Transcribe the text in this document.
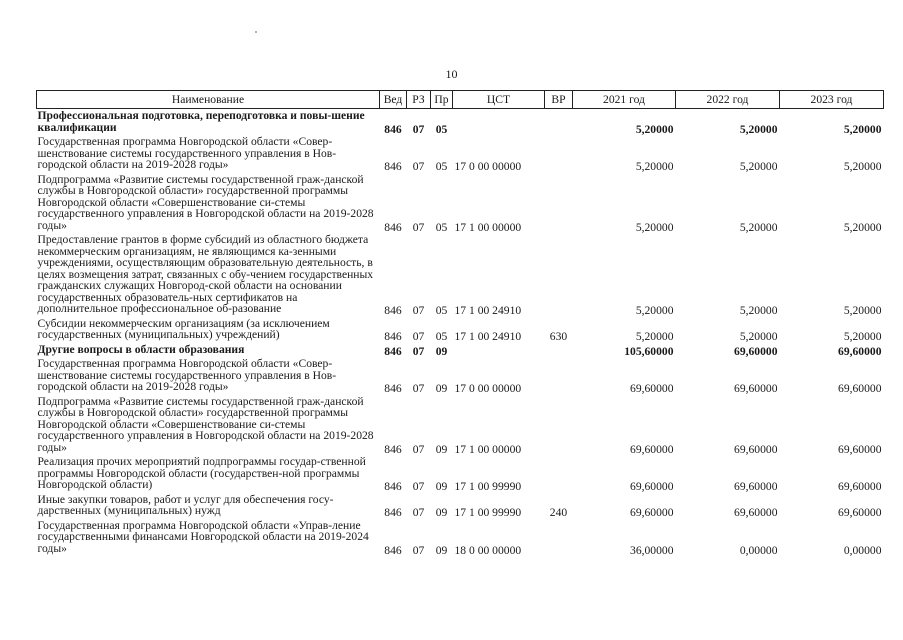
10
Наименование	Вед	РЗ	Пр	ЦСТ	ВР	2021 год	2022 год	2023 год
Профессиональная подготовка, переподготовка и повы-шение квалификации	846	07	05			5,20000	5,20000	5,20000
Государственная программа Новгородской области «Совер-шенствование системы государственного управления в Нов-городской области на 2019-2028 годы»	846	07	05	17 0 00 00000		5,20000	5,20000	5,20000
Подпрограмма «Развитие системы государственной граж-данской службы в Новгородской области» государственной программы Новгородской области «Совершенствование си-стемы государственного управления в Новгородской области на 2019-2028 годы»	846	07	05	17 1 00 00000		5,20000	5,20000	5,20000
Предоставление грантов в форме субсидий из областного бюджета некоммерческим организациям, не являющимся ка-зенными учреждениями, осуществляющим образовательную деятельность, в целях возмещения затрат, связанных с обу-чением государственных гражданских служащих Новгород-ской области на основании государственных образователь-ных сертификатов на дополнительное профессиональное об-разование	846	07	05	17 1 00 24910		5,20000	5,20000	5,20000
Субсидии некоммерческим организациям (за исключением государственных (муниципальных) учреждений)	846	07	05	17 1 00 24910	630	5,20000	5,20000	5,20000
Другие вопросы в области образования	846	07	09			105,60000	69,60000	69,60000
Государственная программа Новгородской области «Совер-шенствование системы государственного управления в Нов-городской области на 2019-2028 годы»	846	07	09	17 0 00 00000		69,60000	69,60000	69,60000
Подпрограмма «Развитие системы государственной граж-данской службы в Новгородской области» государственной программы Новгородской области «Совершенствование си-стемы государственного управления в Новгородской области на 2019-2028 годы»	846	07	09	17 1 00 00000		69,60000	69,60000	69,60000
Реализация прочих мероприятий подпрограммы государ-ственной программы Новгородской области (государствен-ной программы Новгородской области)	846	07	09	17 1 00 99990		69,60000	69,60000	69,60000
Иные закупки товаров, работ и услуг для обеспечения госу-дарственных (муниципальных) нужд	846	07	09	17 1 00 99990	240	69,60000	69,60000	69,60000
Государственная программа Новгородской области «Управ-ление государственными финансами Новгородской области на 2019-2024 годы»	846	07	09	18 0 00 00000		36,00000	0,00000	0,00000
